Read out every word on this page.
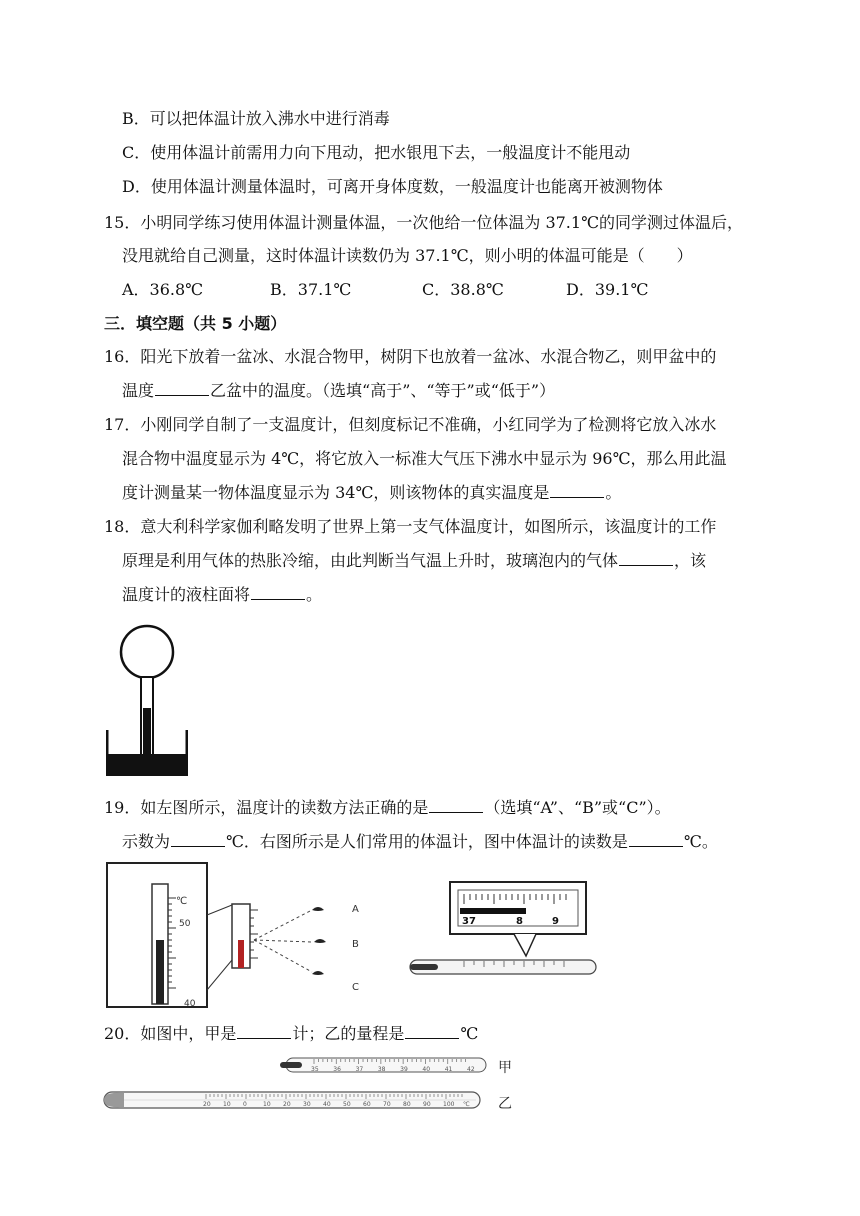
B．可以把体温计放入沸水中进行消毒
C．使用体温计前需用力向下甩动，把水银甩下去，一般温度计不能甩动
D．使用体温计测量体温时，可离开身体度数，一般温度计也能离开被测物体
15．小明同学练习使用体温计测量体温，一次他给一位体温为 37.1℃的同学测过体温后，
没甩就给自己测量，这时体温计读数仍为 37.1℃，则小明的体温可能是（　　）
A．36.8℃	B．37.1℃	C．38.8℃	D．39.1℃
三．填空题（共 5 小题）
16．阳光下放着一盆冰、水混合物甲，树阴下也放着一盆冰、水混合物乙，则甲盆中的
温度	乙盆中的温度。（选填“高于”、“等于”或“低于”）
17．小刚同学自制了一支温度计，但刻度标记不准确，小红同学为了检测将它放入冰水
混合物中温度显示为 4℃，将它放入一标准大气压下沸水中显示为 96℃，那么用此温
度计测量某一物体温度显示为 34℃，则该物体的真实温度是	。
18．意大利科学家伽利略发明了世界上第一支气体温度计，如图所示，该温度计的工作
原理是利用气体的热胀冷缩，由此判断当气温上升时，玻璃泡内的气体	，该
温度计的液柱面将	。
19．如左图所示，温度计的读数方法正确的是	（选填“A”、“B”或“C”）。
示数为	℃．右图所示是人们常用的体温计，图中体温计的读数是	℃。
℃
50
40
A
B
C
37	8	9
20．如图中，甲是	计；乙的量程是	℃
35 36 37 38 39 40 41 42 甲
20 10 0	10 20 30 40 50 60 70 80 90 100 ℃ 乙
